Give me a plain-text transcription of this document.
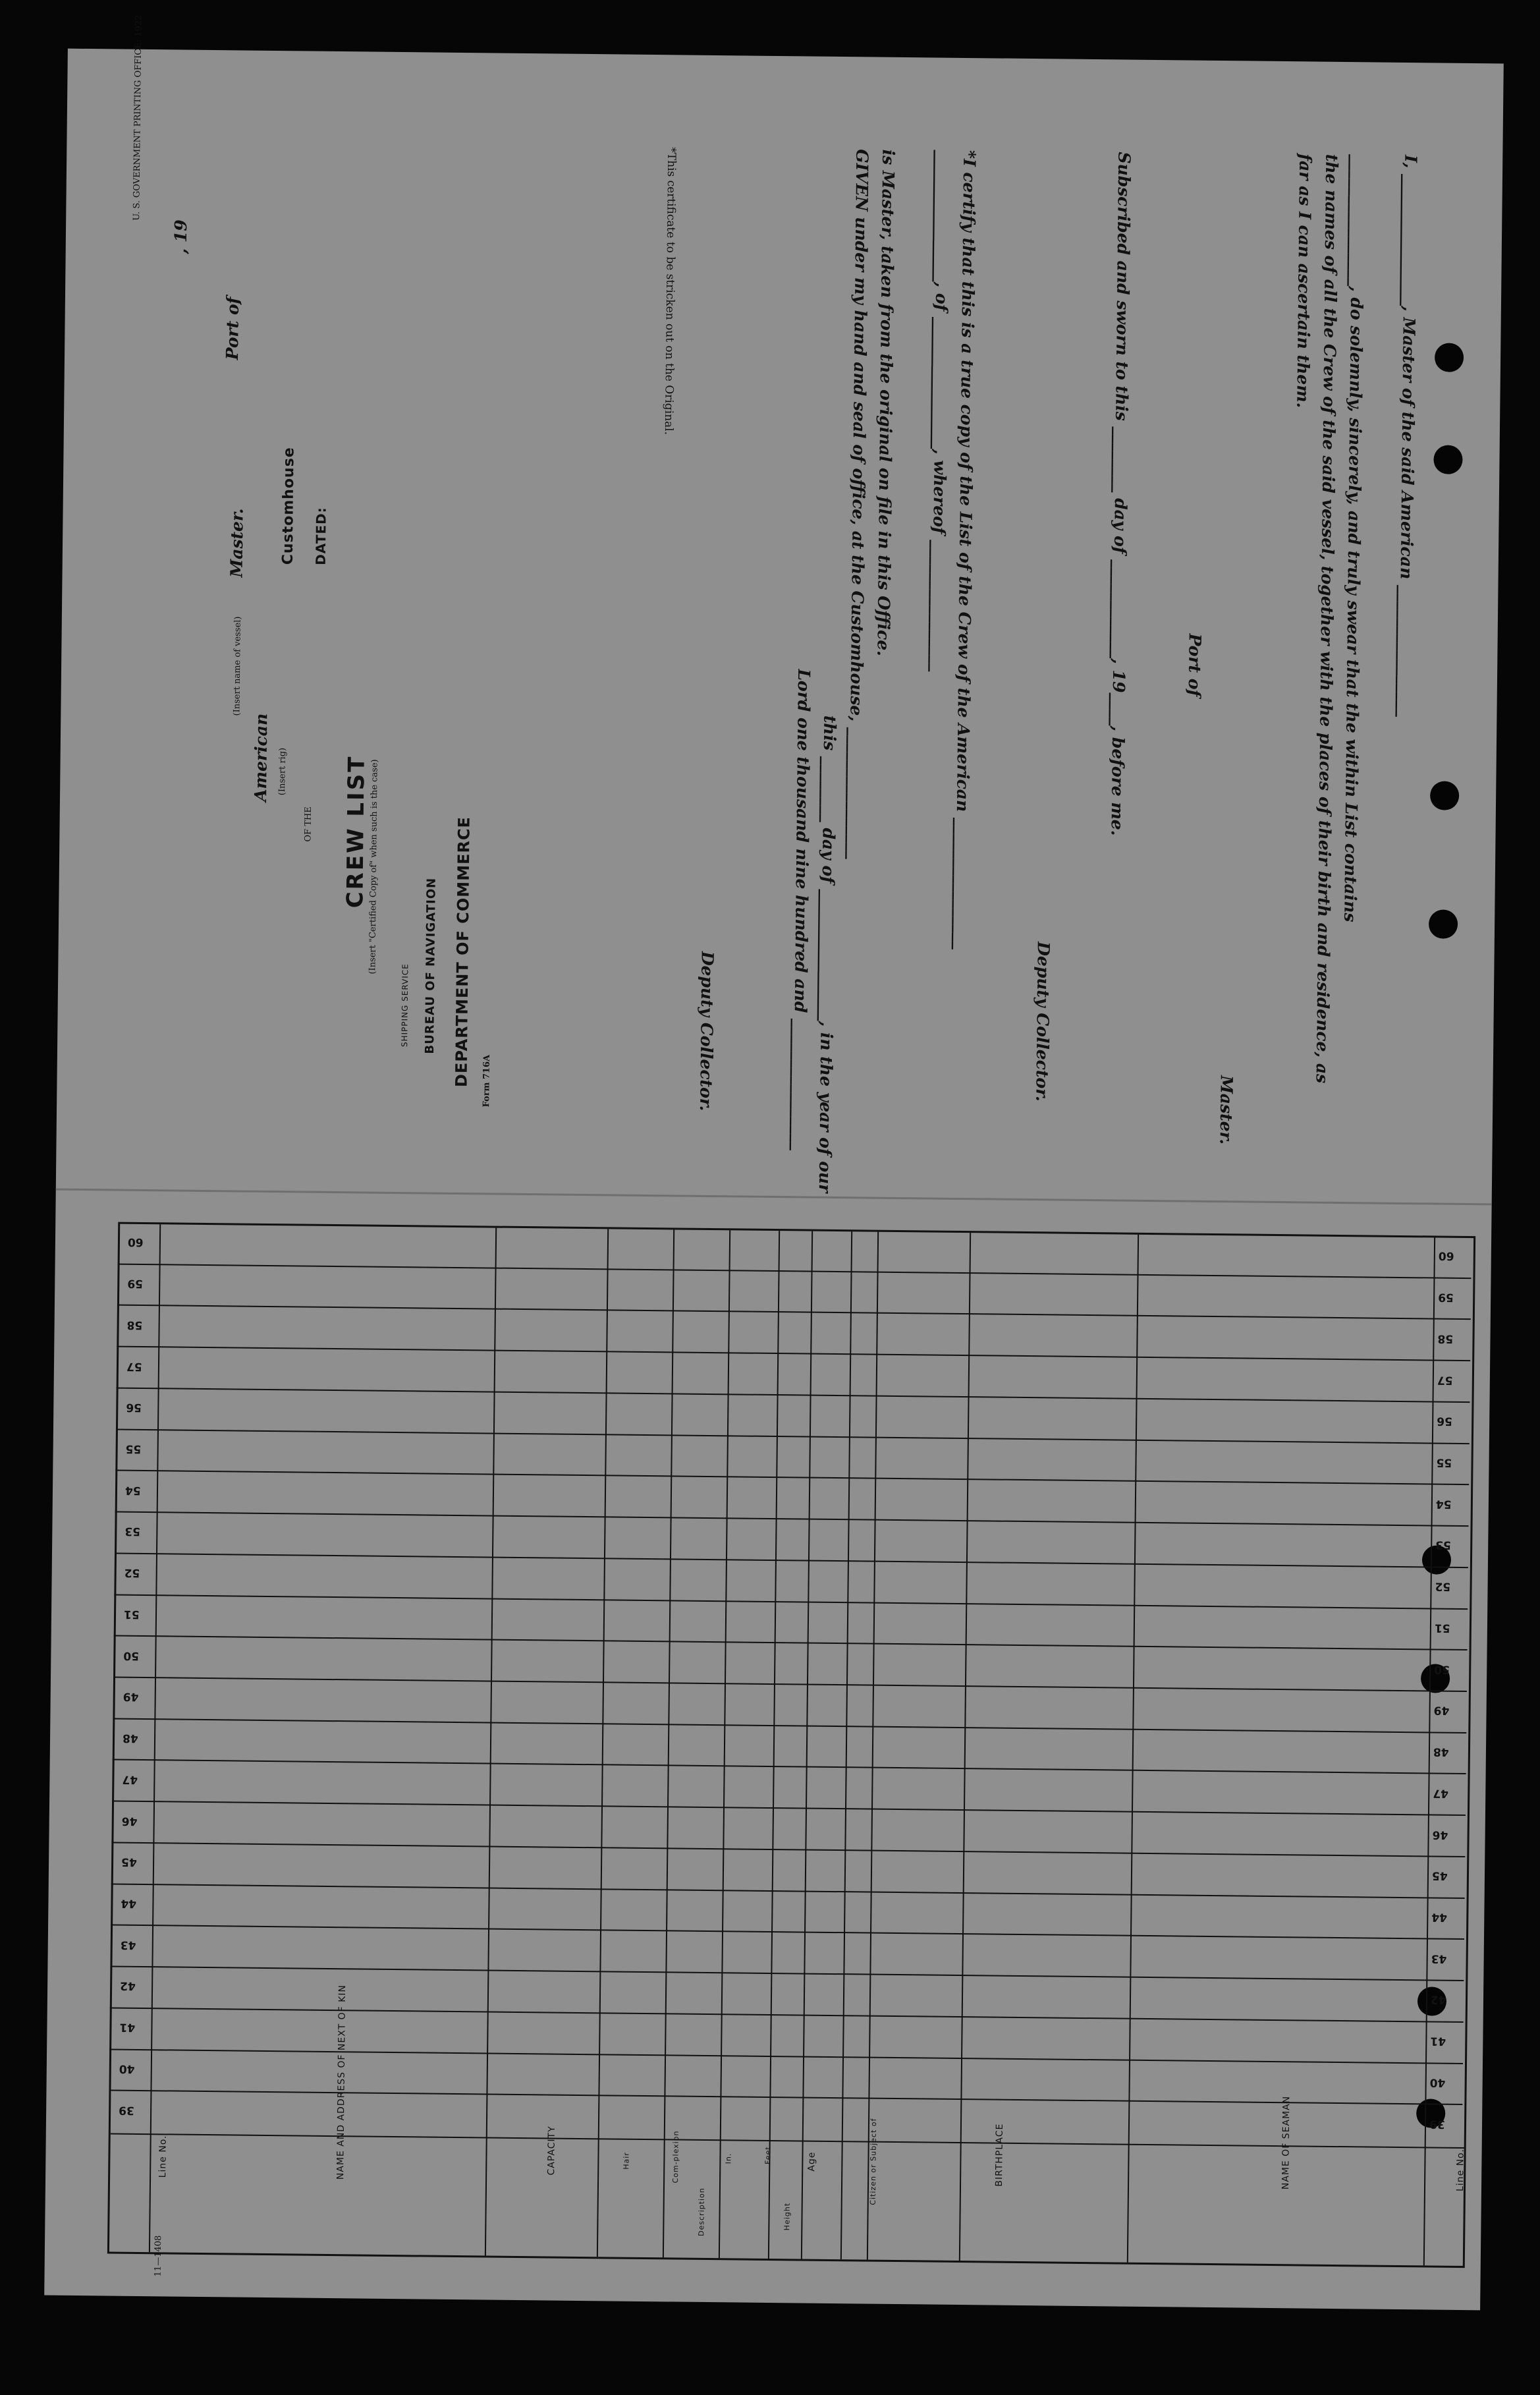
I, ________________, Master of the said American ________________
________________, do solemnly, sincerely, and truly swear that the within List contains
the names of all the Crew of the said vessel, together with the places of their birth and residence, as
far as I can ascertain them.
Master.
Port of
Subscribed and sworn to this ________ day of ____________, 19____, before me.
Deputy Collector.
*I certify that this is a true copy of the List of the Crew of the American ________________
________________, of ________________, whereof ________________
is Master, taken from the original on file in this Office.
GIVEN under my hand and seal of office, at the Customhouse, ________________
this ________ day of ________________, in the year of our
Lord one thousand nine hundred and ________________
Deputy Collector.
*This certificate to be stricken out on the Original.
U. S. GOVERNMENT PRINTING OFFICE: 1922
, 19
Port of
Customhouse DATED:
Master.
(Insert name of vessel)
American (Insert rig)
OF THE CREW LIST
(Insert "Certified Copy of" when such is the case)
SHIPPING SERVICE BUREAU OF NAVIGATION DEPARTMENT OF COMMERCE Form 716A
Line No.
NAME OF SEAMAN
BIRTHPLACE
Citizen or Subject of
Age
Height
Feet
In.
Description
Com-plexion
Hair
CAPACITY
NAME AND ADDRESS OF NEXT OF KIN
Line No.
11—1408
39
39
40
40
41
41
42
42
43
43
44
44
45
45
46
46
47
47
48
48
49
49
50
50
51
51
52
52
53
53
54
54
55
55
56
56
57
57
58
58
59
59
60
60
